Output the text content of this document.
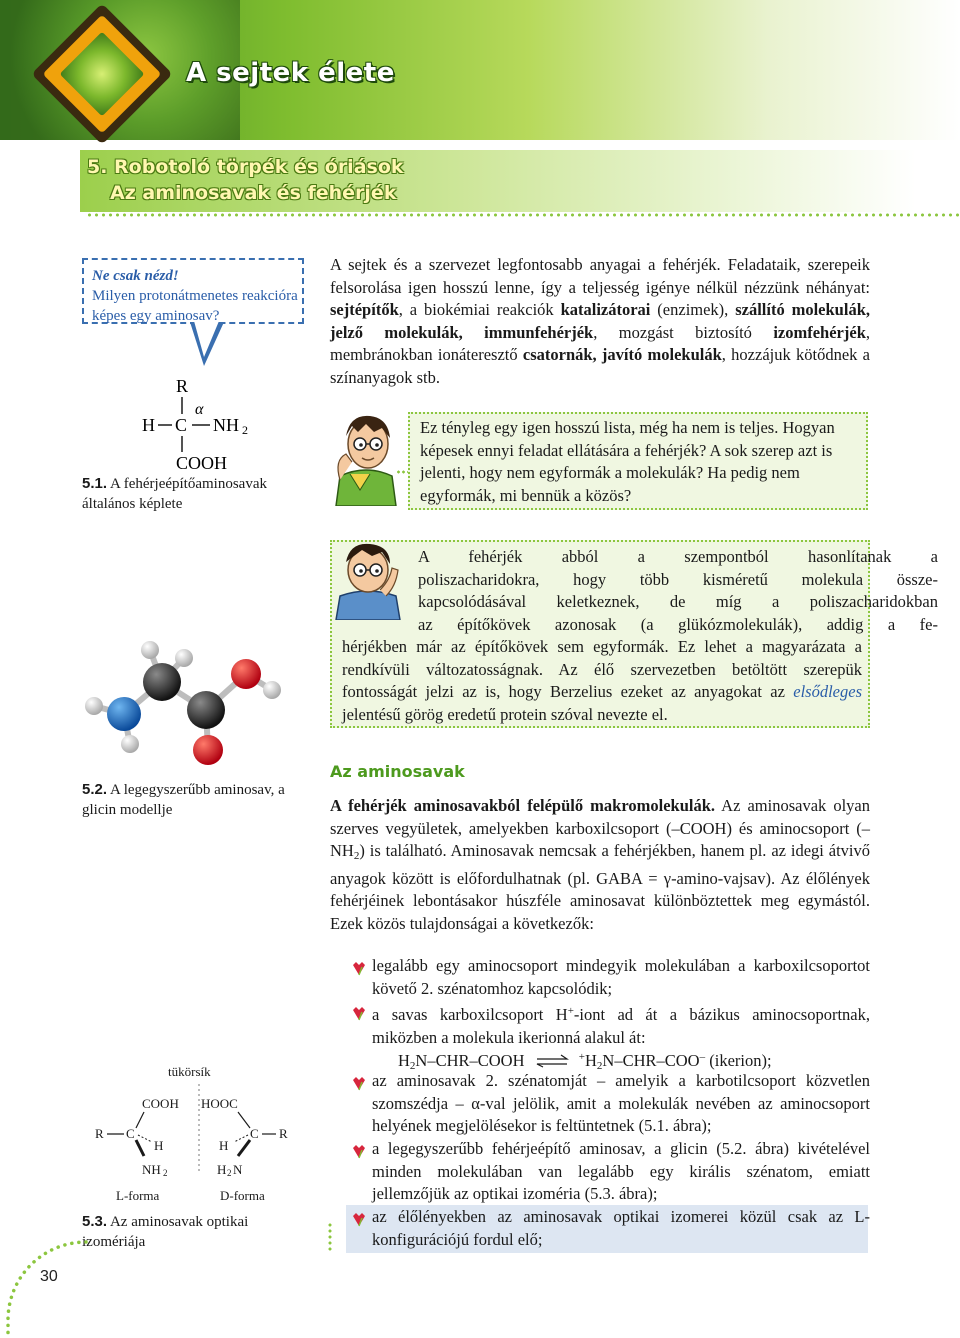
A sejtek élete
5. Robotoló törpék és óriások
Az aminosavak és fehérjék
Ne csak nézd!
Milyen protonátmenetes reakcióra képes egy aminosav?
R
H C
α
NH 2
COOH
5.1. A fehérjeépítőaminosavak általános képlete
5.2. A legegyszerűbb aminosav, a glicin modellje
tükörsík
COOH HOOC
R C
H
NH 2
C R
H
H 2 N
L-forma	D-forma
5.3. Az aminosavak optikai izomériája
30
A sejtek és a szervezet legfontosabb anyagai a fehérjék. Feladataik, szerepeik felsorolása igen hosszú lenne, így a teljesség igénye nélkül nézzünk néhányat: sejtépítők, a biokémiai reakciók katalizátorai (enzimek), szállító molekulák, jelző molekulák, immunfehérjék, mozgást biztosító izomfehérjék, membránokban ionáteresztő csatornák, javító molekulák, hozzájuk kötődnek a színanyagok stb.
Ez tényleg egy igen hosszú lista, még ha nem is teljes. Hogyan képesek ennyi feladat ellátására a fehérjék? A sok szerep azt is jelenti, hogy nem egyformák a molekulák? Ha pedig nem egyformák, mi bennük a közös?
A fehérjék abból a szempontból hasonlítanak a
poliszacharidokra, hogy több kisméretű molekula össze-
kapcsolódásával keletkeznek, de míg a poliszacharidokban
az építőkövek azonosak (a glükózmolekulák), addig a fe-
hérjékben már az építőkövek sem egyformák. Ez lehet a magyarázata a rendkívüli változatosságnak. Az élő szervezetben betöltött szerepük fontosságát jelzi az is, hogy Berzelius ezeket az anyagokat az elsődleges jelentésű görög eredetű protein szóval nevezte el.
Az aminosavak
A fehérjék aminosavakból felépülő makromolekulák. Az aminosavak olyan szerves vegyületek, amelyekben karboxilcsoport (–COOH) és aminocsoport $(-NH_2)$ is található. Aminosavak nemcsak a fehérjékben, hanem pl. az idegi átvivő anyagok között is előfordulhatnak (pl. GABA = γ-amino-vajsav). Az élőlények fehérjéinek lebontásakor húszféle aminosavat különböztettek meg egymástól. Ezek közös tulajdonságai a következők:
legalább egy aminocsoport mindegyik molekulában a karboxilcsoportot követő 2. szénatomhoz kapcsolódik;
a savas karboxilcsoport H+-iont ad át a bázikus aminocsoportnak, miközben a molekula ikerionná alakul át:
$H_2N-CHR$–COOH ⇌ $^+H_2N-CHR-COO^-$ (ikerion);
az aminosavak 2. szénatomját – amelyik a karbotilcsoport közvetlen szomszédja – α-val jelölik, amit a molekulák nevében az aminocsoport helyének megjelölésekor is feltüntetnek (5.1. ábra);
a legegyszerűbb fehérjeépítő aminosav, a glicin (5.2. ábra) kivételével minden molekulában van legalább egy királis szénatom, emiatt jellemzőjük az optikai izoméria (5.3. ábra);
az élőlényekben az aminosavak optikai izomerei közül csak az L-konfigurációjú fordul elő;
